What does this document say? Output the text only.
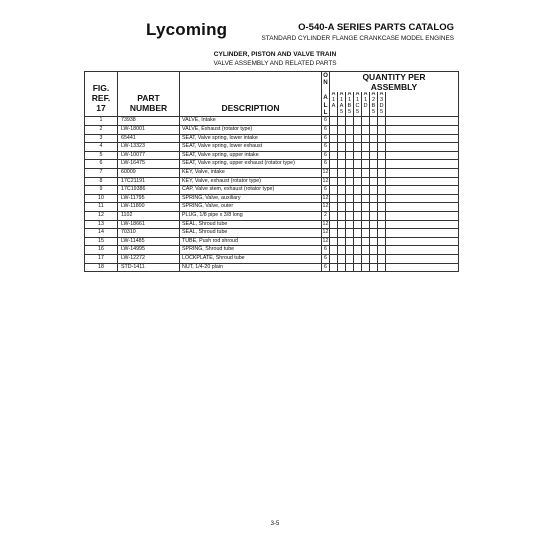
Lycoming	O-540-A SERIES PARTS CATALOG
STANDARD CYLINDER FLANGE CRANKCASE MODEL ENGINES
CYLINDER, PISTON AND VALVE TRAIN
VALVE ASSEMBLY AND RELATED PARTS
FIG.
REF.
17	PART
NUMBER	DESCRIPTION	O
N

A
L
L	QUANTITY PER
ASSEMBLY							
				A
1
A	A
1
A
5	A
1
B
5	A
1
C
5	A
1
D	A
2
B
5	A
3
D
5	
1	73938	VALVE, Intake	6								
2	LW-18001	VALVE, Exhaust (rotator type)	6								
3	65441	SEAT, Valve spring, lower intake	6								
4	LW-13323	SEAT, Valve spring, lower exhaust	6								
5	LW-10077	SEAT, Valve spring, upper intake	6								
6	LW-16475	SEAT, Valve spring, upper exhaust (rotator type)	6								
7	60009	KEY, Valve, intake	12								
8	17C21191	KEY, Valve, exhaust (rotator type)	12								
9	17C19386	CAP, Valve stem, exhaust (rotator type)	6								
10	LW-11795	SPRING, Valve, auxiliary	12								
11	LW-11800	SPRING, Valve, outer	12								
12	1102	PLUG, 1/8 pipe x 3/8 long	2								
13	LW-18661	SEAL, Shroud tube	12								
14	70310	SEAL, Shroud tube	12								
15	LW-11485	TUBE, Push rod shroud	12								
16	LW-14995	SPRING, Shroud tube	6								
17	LW-12272	LOCKPLATE, Shroud tube	6								
18	STD-1411	NUT, 1/4-20 plain	6								
3-5
